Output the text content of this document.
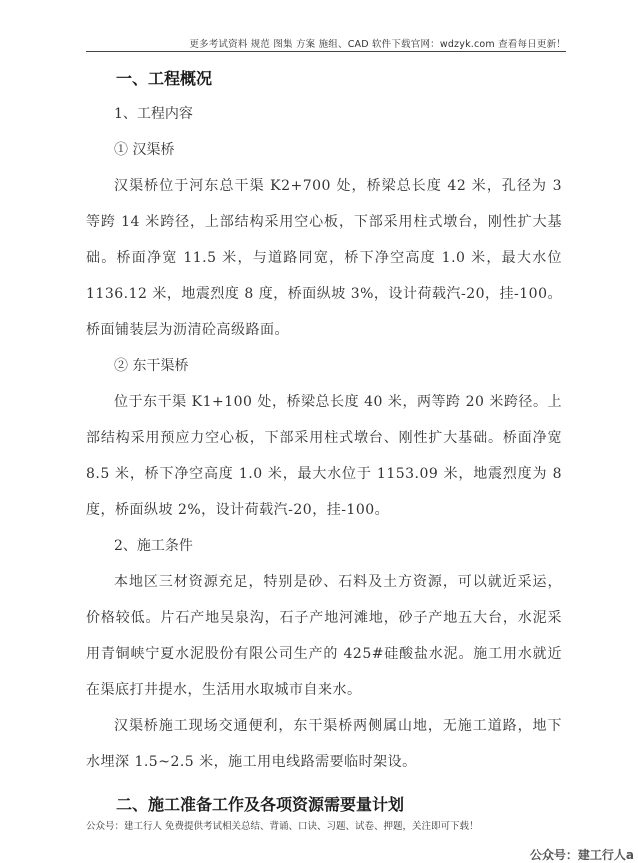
更多考试资料 规范 图集 方案 施组、CAD 软件下载官网：wdzyk.com 查看每日更新！
一、工程概况
1、工程内容
① 汉渠桥

汉渠桥位于河东总干渠 K2+700 处，桥梁总长度 42 米，孔径为 3 等跨 14 米跨径，上部结构采用空心板，下部采用柱式墩台，刚性扩大基础。桥面净宽 11.5 米，与道路同宽，桥下净空高度 1.0 米，最大水位 1136.12 米，地震烈度 8 度，桥面纵坡 3%，设计荷载汽-20，挂-100。桥面铺装层为沥清砼高级路面。

② 东干渠桥

位于东干渠 K1+100 处，桥梁总长度 40 米，两等跨 20 米跨径。上部结构采用预应力空心板，下部采用柱式墩台、刚性扩大基础。桥面净宽 8.5 米，桥下净空高度 1.0 米，最大水位于 1153.09 米，地震烈度为 8 度，桥面纵坡 2%，设计荷载汽-20，挂-100。

2、施工条件

本地区三材资源充足，特别是砂、石料及土方资源，可以就近采运，价格较低。片石产地吴泉沟，石子产地河滩地，砂子产地五大台，水泥采用青铜峡宁夏水泥股份有限公司生产的 425#硅酸盐水泥。施工用水就近在渠底打井提水，生活用水取城市自来水。

汉渠桥施工现场交通便利，东干渠桥两侧属山地，无施工道路，地下水埋深 1.5~2.5 米，施工用电线路需要临时架设。

二、施工准备工作及各项资源需要量计划
公众号：建工行人 免费提供考试相关总结、背诵、口诀、习题、试卷、押题，关注即可下载！
公众号：建工行人a
